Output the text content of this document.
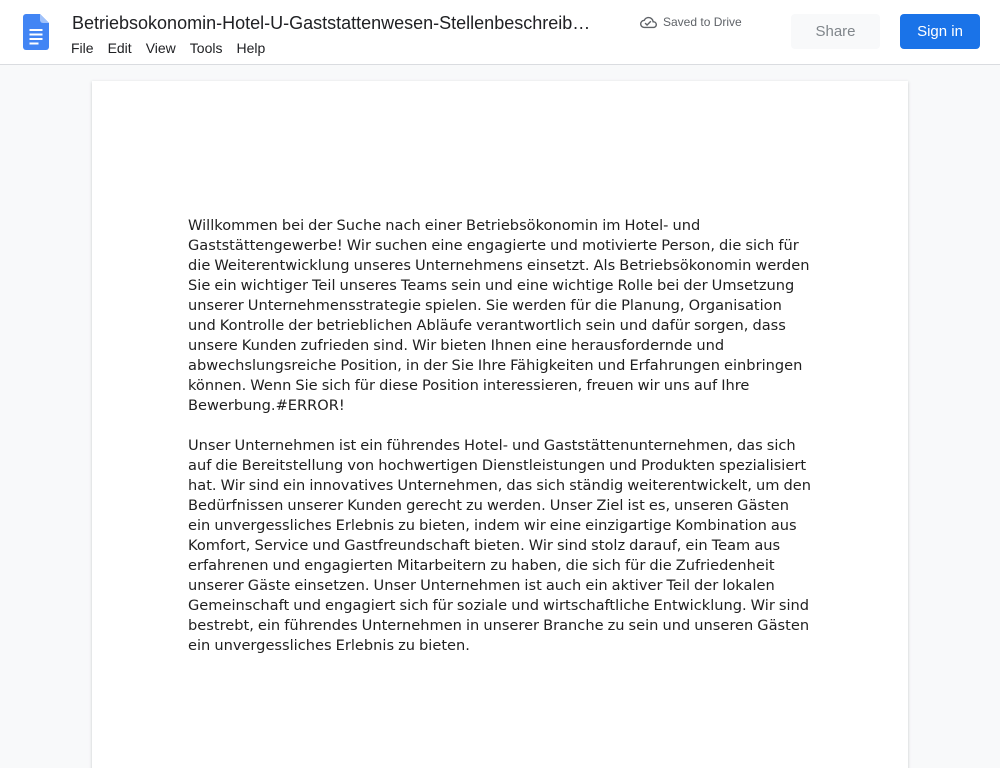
Betriebsokonomin-Hotel-U-Gaststattenwesen-Stellenbeschreib…	Saved to Drive
File	Edit	View	Tools	Help
Share	Sign in

Willkommen bei der Suche nach einer Betriebsökonomin im Hotel- und Gaststättengewerbe! Wir suchen eine engagierte und motivierte Person, die sich für die Weiterentwicklung unseres Unternehmens einsetzt. Als Betriebsökonomin werden Sie ein wichtiger Teil unseres Teams sein und eine wichtige Rolle bei der Umsetzung unserer Unternehmensstrategie spielen. Sie werden für die Planung, Organisation und Kontrolle der betrieblichen Abläufe verantwortlich sein und dafür sorgen, dass unsere Kunden zufrieden sind. Wir bieten Ihnen eine herausfordernde und abwechslungsreiche Position, in der Sie Ihre Fähigkeiten und Erfahrungen einbringen können. Wenn Sie sich für diese Position interessieren, freuen wir uns auf Ihre Bewerbung.#ERROR!

Unser Unternehmen ist ein führendes Hotel- und Gaststättenunternehmen, das sich auf die Bereitstellung von hochwertigen Dienstleistungen und Produkten spezialisiert hat. Wir sind ein innovatives Unternehmen, das sich ständig weiterentwickelt, um den Bedürfnissen unserer Kunden gerecht zu werden. Unser Ziel ist es, unseren Gästen ein unvergessliches Erlebnis zu bieten, indem wir eine einzigartige Kombination aus Komfort, Service und Gastfreundschaft bieten. Wir sind stolz darauf, ein Team aus erfahrenen und engagierten Mitarbeitern zu haben, die sich für die Zufriedenheit unserer Gäste einsetzen. Unser Unternehmen ist auch ein aktiver Teil der lokalen Gemeinschaft und engagiert sich für soziale und wirtschaftliche Entwicklung. Wir sind bestrebt, ein führendes Unternehmen in unserer Branche zu sein und unseren Gästen ein unvergessliches Erlebnis zu bieten.
